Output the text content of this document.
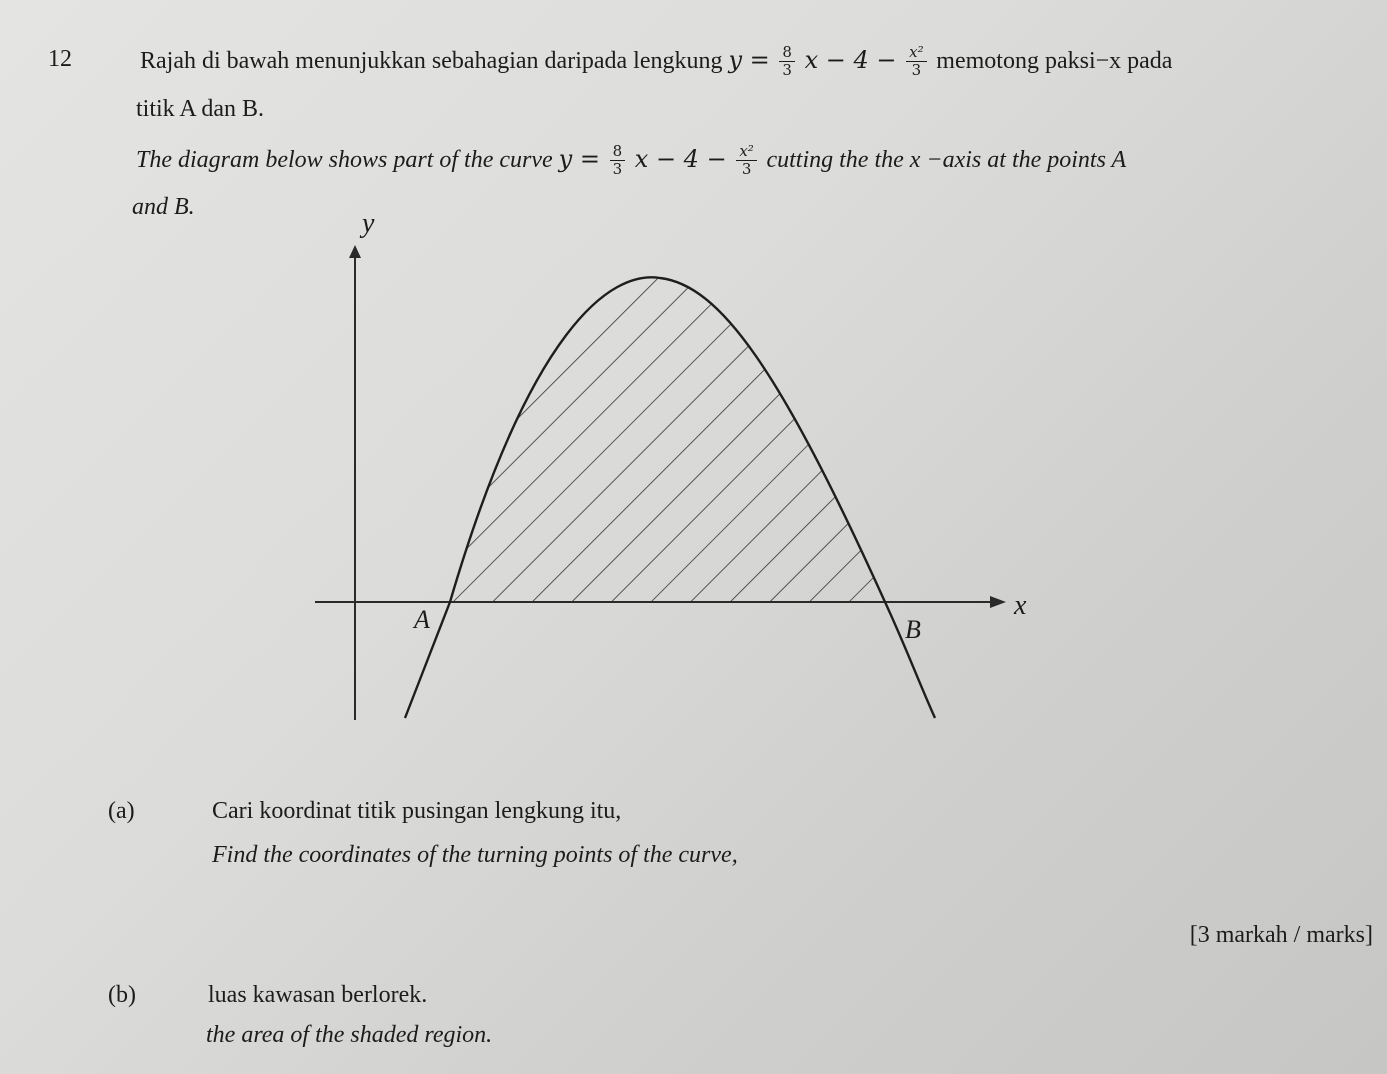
12	Rajah di bawah menunjukkan sebahagian daripada lengkung $y = \frac{8}{3}$ $x - 4 - \frac{\text{x²}}{3}$ memotong paksi−x pada
titik A dan B.
The diagram below shows part of the curve $y = \frac{8}{3}$ $x - 4 - \frac{\text{x²}}{3}$ cutting the the x −axis at the points A
and B.
y
x
A	B
(a)	Cari koordinat titik pusingan lengkung itu,
Find the coordinates of the turning points of the curve,
[3 markah / marks]
(b)	luas kawasan berlorek.
the area of the shaded region.
